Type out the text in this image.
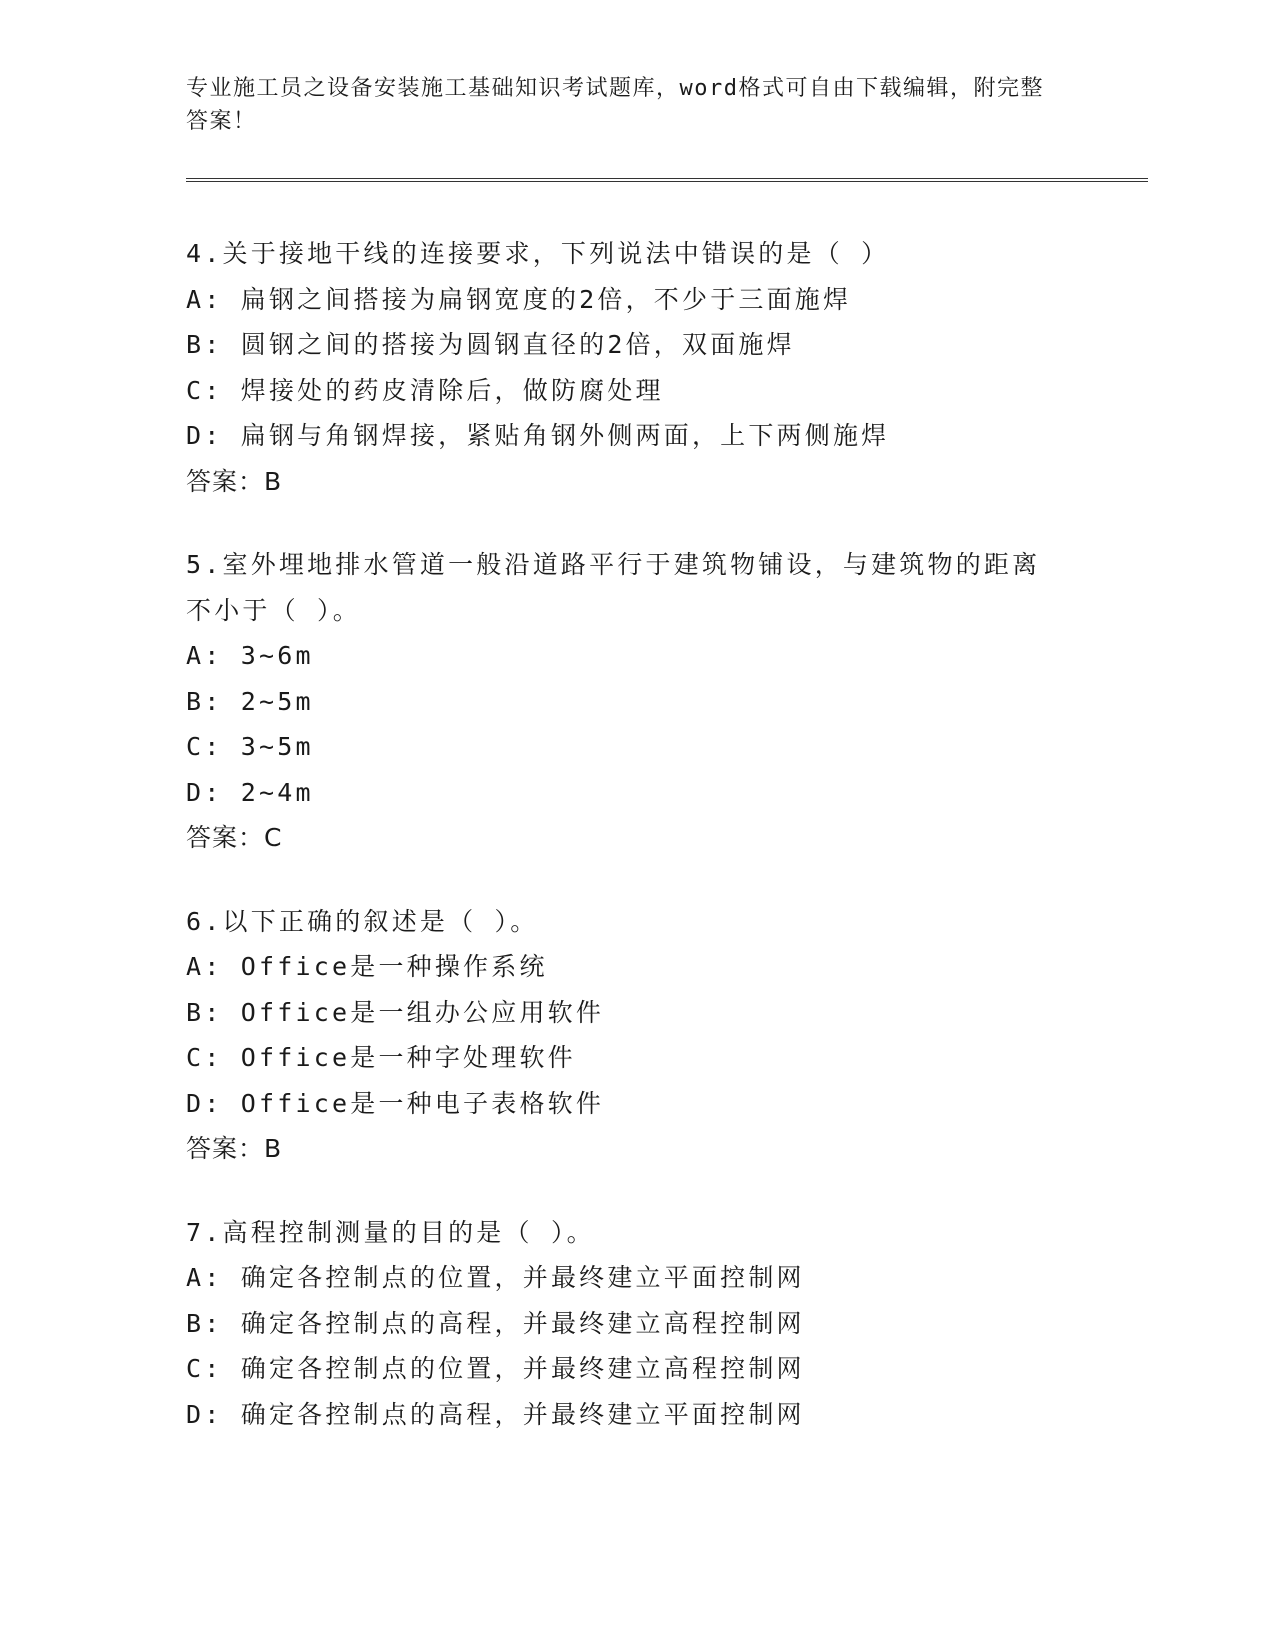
专业施工员之设备安装施工基础知识考试题库，word格式可自由下载编辑，附完整答案！
4.关于接地干线的连接要求，下列说法中错误的是（ ）
A: 扁钢之间搭接为扁钢宽度的2倍，不少于三面施焊
B: 圆钢之间的搭接为圆钢直径的2倍，双面施焊
C: 焊接处的药皮清除后，做防腐处理
D: 扁钢与角钢焊接，紧贴角钢外侧两面，上下两侧施焊
答案：B
5.室外埋地排水管道一般沿道路平行于建筑物铺设，与建筑物的距离不小于（ ）。
A: 3~6m
B: 2~5m
C: 3~5m
D: 2~4m
答案：C
6.以下正确的叙述是（ ）。
A: Office是一种操作系统
B: Office是一组办公应用软件
C: Office是一种字处理软件
D: Office是一种电子表格软件
答案：B
7.高程控制测量的目的是（ ）。
A: 确定各控制点的位置，并最终建立平面控制网
B: 确定各控制点的高程，并最终建立高程控制网
C: 确定各控制点的位置，并最终建立高程控制网
D: 确定各控制点的高程，并最终建立平面控制网
